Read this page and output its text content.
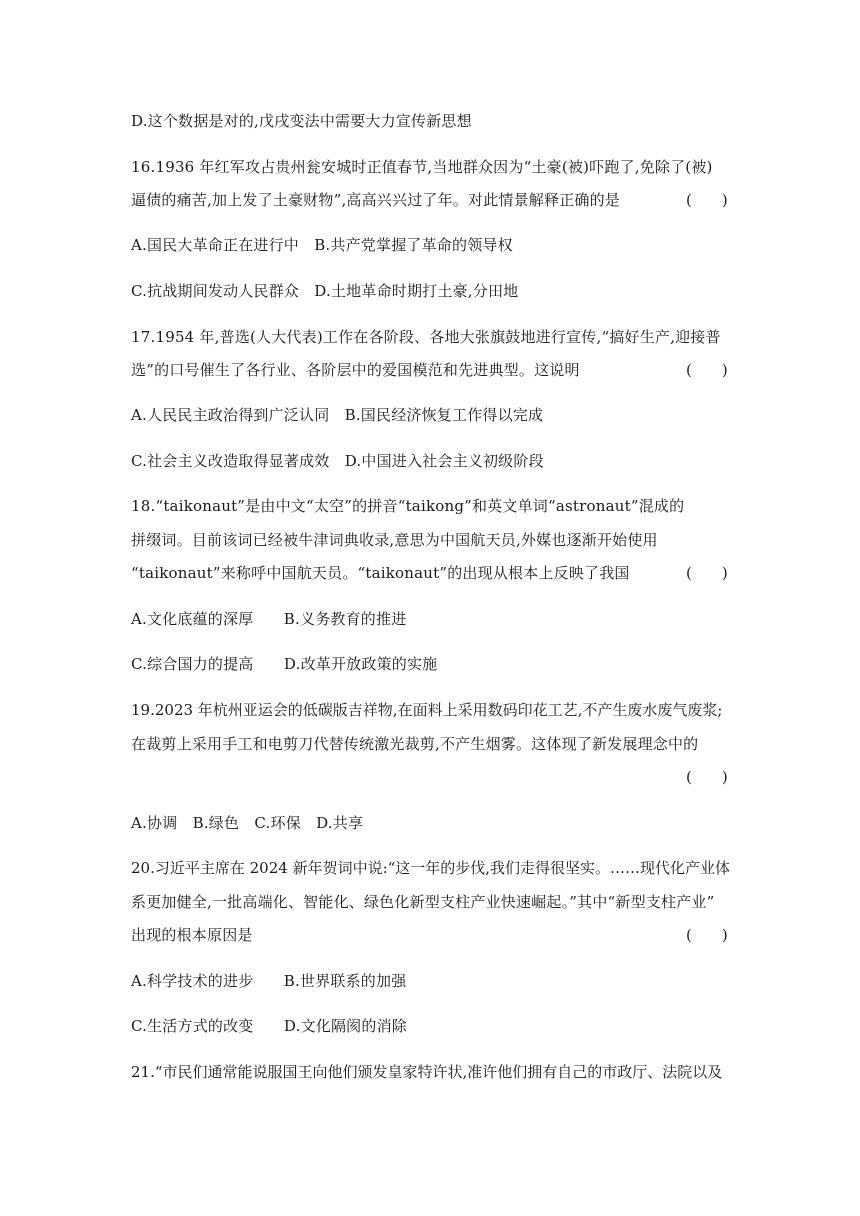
D.这个数据是对的,戊戌变法中需要大力宣传新思想
16.1936 年红军攻占贵州瓮安城时正值春节,当地群众因为“土豪(被)吓跑了,免除了(被)
逼债的痛苦,加上发了土豪财物”,高高兴兴过了年。对此情景解释正确的是	(　　)
A.国民大革命正在进行中　B.共产党掌握了革命的领导权
C.抗战期间发动人民群众　D.土地革命时期打土豪,分田地
17.1954 年,普选(人大代表)工作在各阶段、各地大张旗鼓地进行宣传,“搞好生产,迎接普
选”的口号催生了各行业、各阶层中的爱国模范和先进典型。这说明	(　　)
A.人民民主政治得到广泛认同　B.国民经济恢复工作得以完成
C.社会主义改造取得显著成效　D.中国进入社会主义初级阶段
18.“taikonaut”是由中文“太空”的拼音“taikong”和英文单词“astronaut”混成的
拼缀词。目前该词已经被牛津词典收录,意思为中国航天员,外媒也逐渐开始使用
“taikonaut”来称呼中国航天员。“taikonaut”的出现从根本上反映了我国	(　　)
A.文化底蕴的深厚　　B.义务教育的推进
C.综合国力的提高　　D.改革开放政策的实施
19.2023 年杭州亚运会的低碳版吉祥物,在面料上采用数码印花工艺,不产生废水废气废浆;
在裁剪上采用手工和电剪刀代替传统激光裁剪,不产生烟雾。这体现了新发展理念中的
(　　)
A.协调　B.绿色　C.环保　D.共享
20.习近平主席在 2024 新年贺词中说:“这一年的步伐,我们走得很坚实。……现代化产业体
系更加健全,一批高端化、智能化、绿色化新型支柱产业快速崛起。”其中“新型支柱产业”
出现的根本原因是	(　　)
A.科学技术的进步　　B.世界联系的加强
C.生活方式的改变　　D.文化隔阂的消除
21.“市民们通常能说服国王向他们颁发皇家特许状,准许他们拥有自己的市政厅、法院以及
